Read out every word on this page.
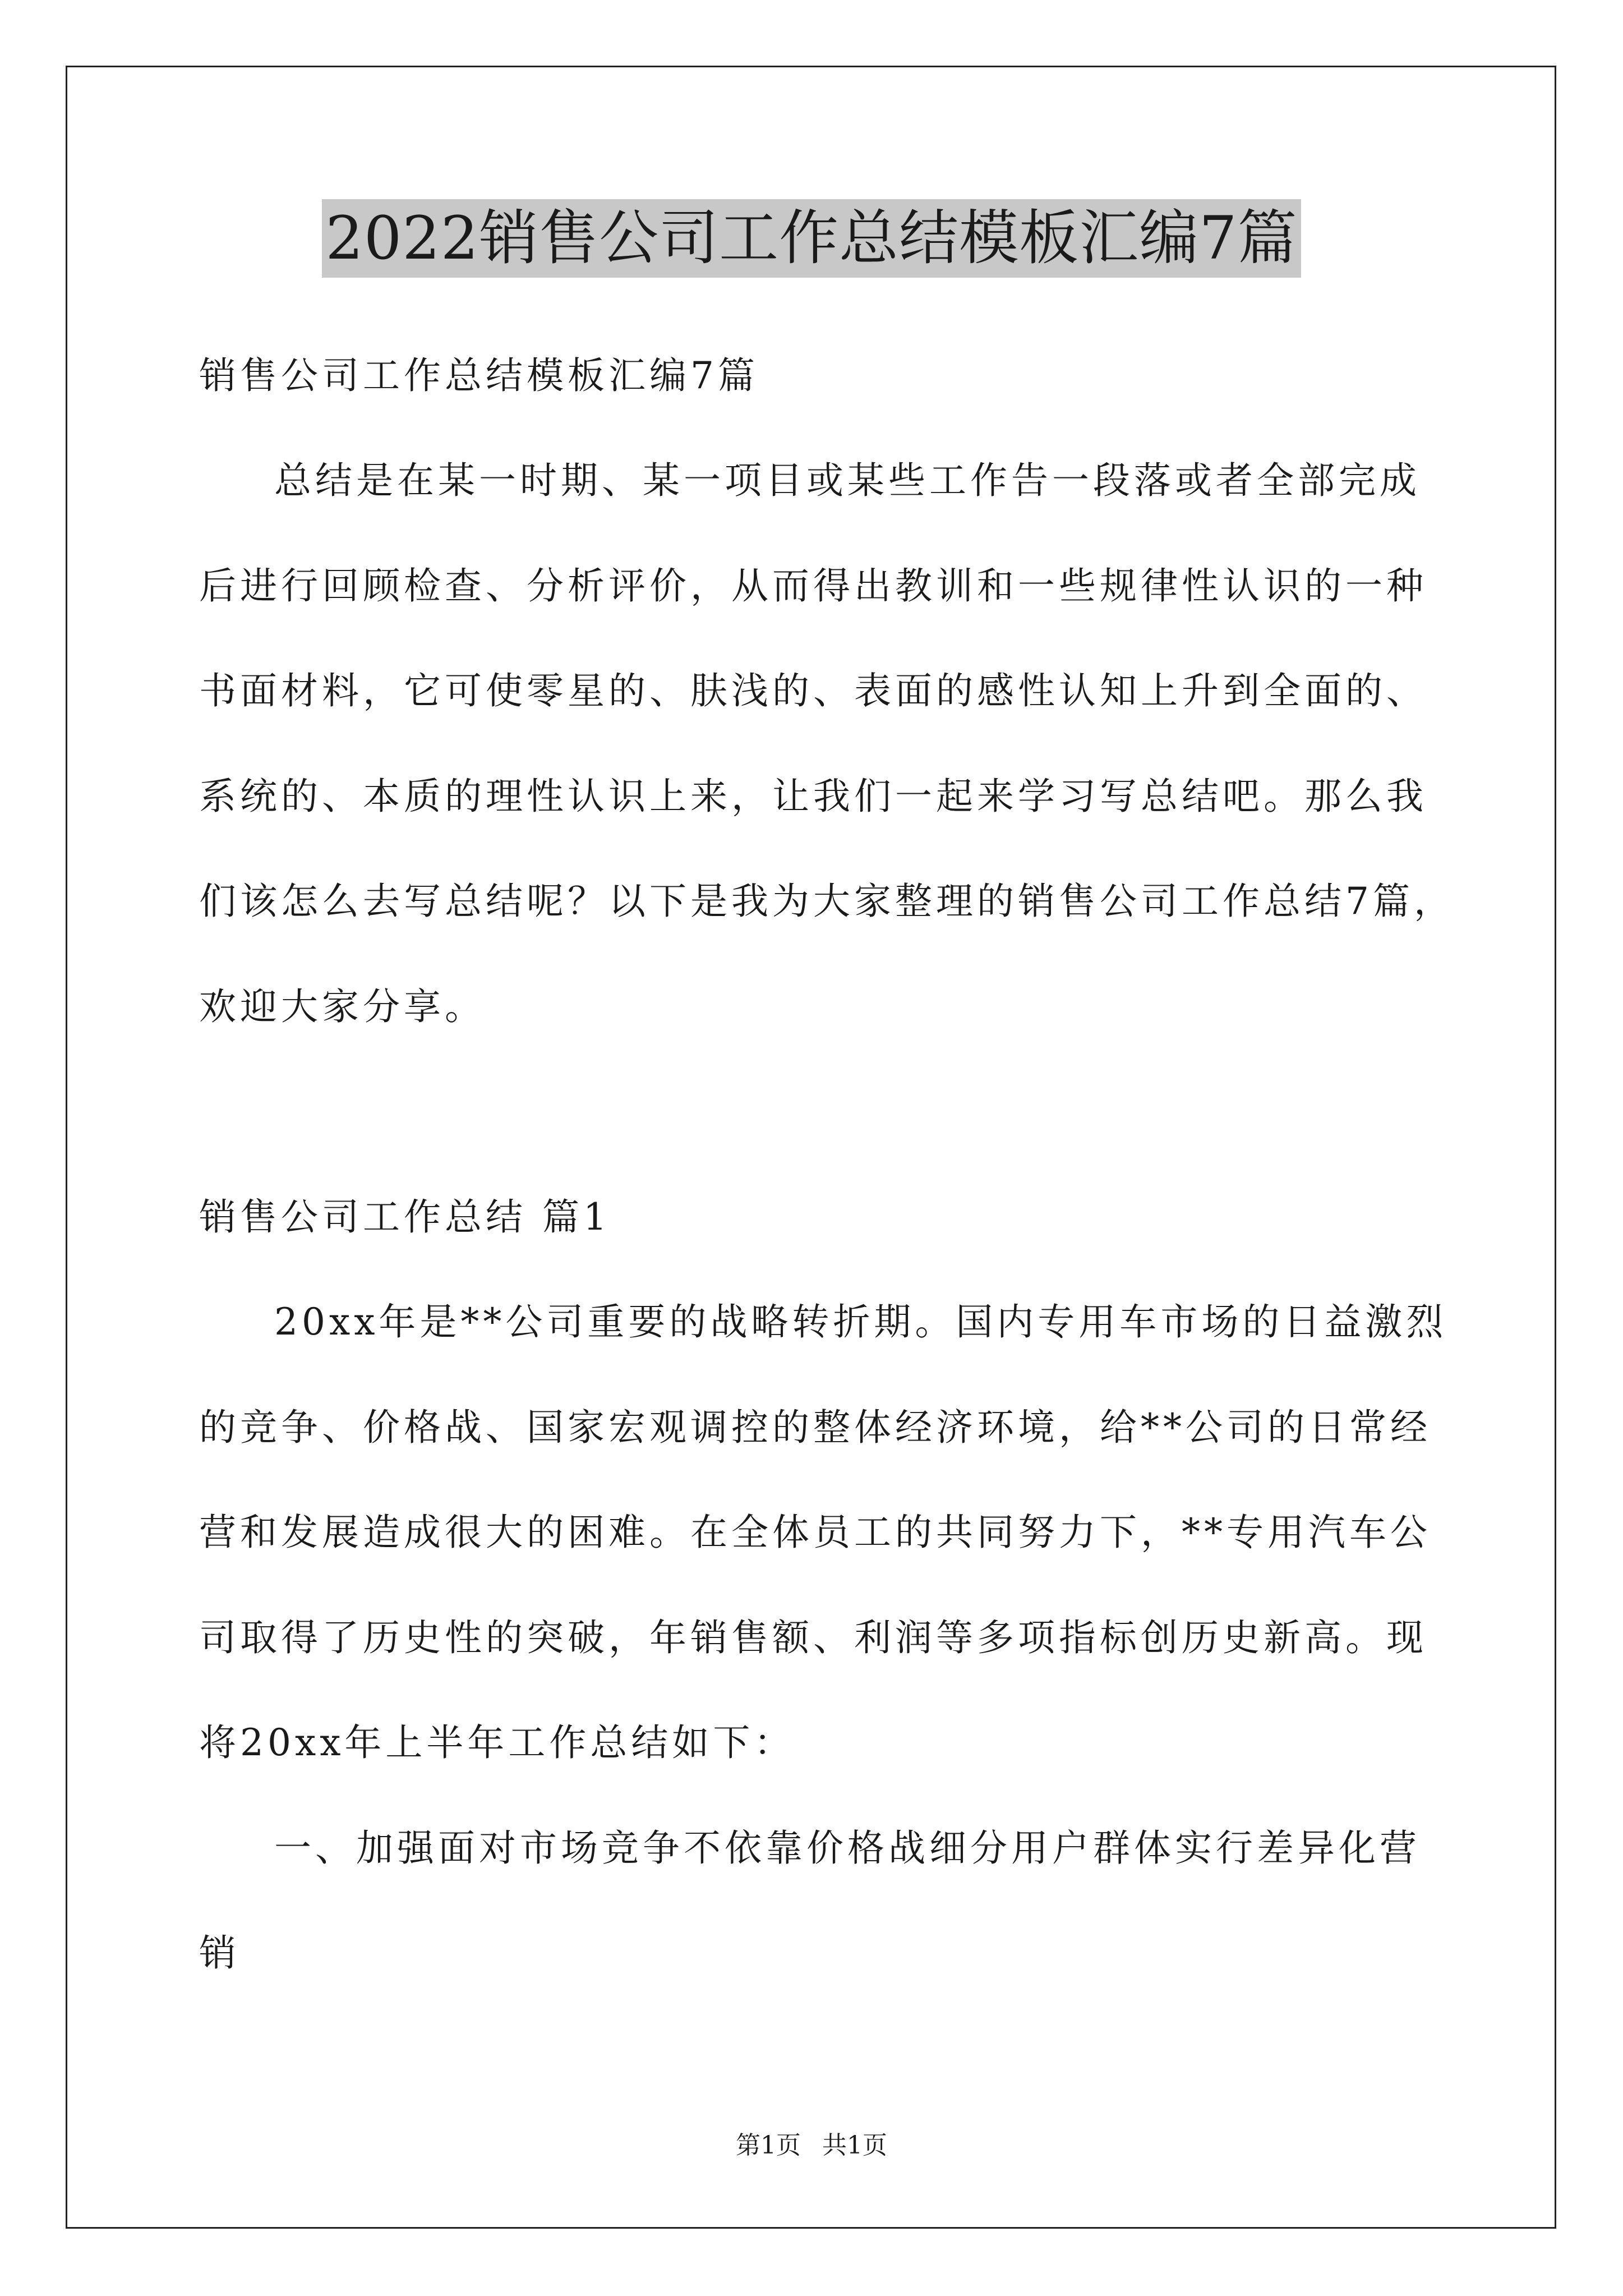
2022销售公司工作总结模板汇编7篇
销售公司工作总结模板汇编7篇
总结是在某一时期、某一项目或某些工作告一段落或者全部完成
后进行回顾检查、分析评价，从而得出教训和一些规律性认识的一种
书面材料，它可使零星的、肤浅的、表面的感性认知上升到全面的、
系统的、本质的理性认识上来，让我们一起来学习写总结吧。那么我
们该怎么去写总结呢？以下是我为大家整理的销售公司工作总结7篇，
欢迎大家分享。
销售公司工作总结 篇1
20xx年是**公司重要的战略转折期。国内专用车市场的日益激烈
的竞争、价格战、国家宏观调控的整体经济环境，给**公司的日常经
营和发展造成很大的困难。在全体员工的共同努力下，**专用汽车公
司取得了历史性的突破，年销售额、利润等多项指标创历史新高。现
将20xx年上半年工作总结如下：
一、加强面对市场竞争不依靠价格战细分用户群体实行差异化营
销
第1页 共1页
